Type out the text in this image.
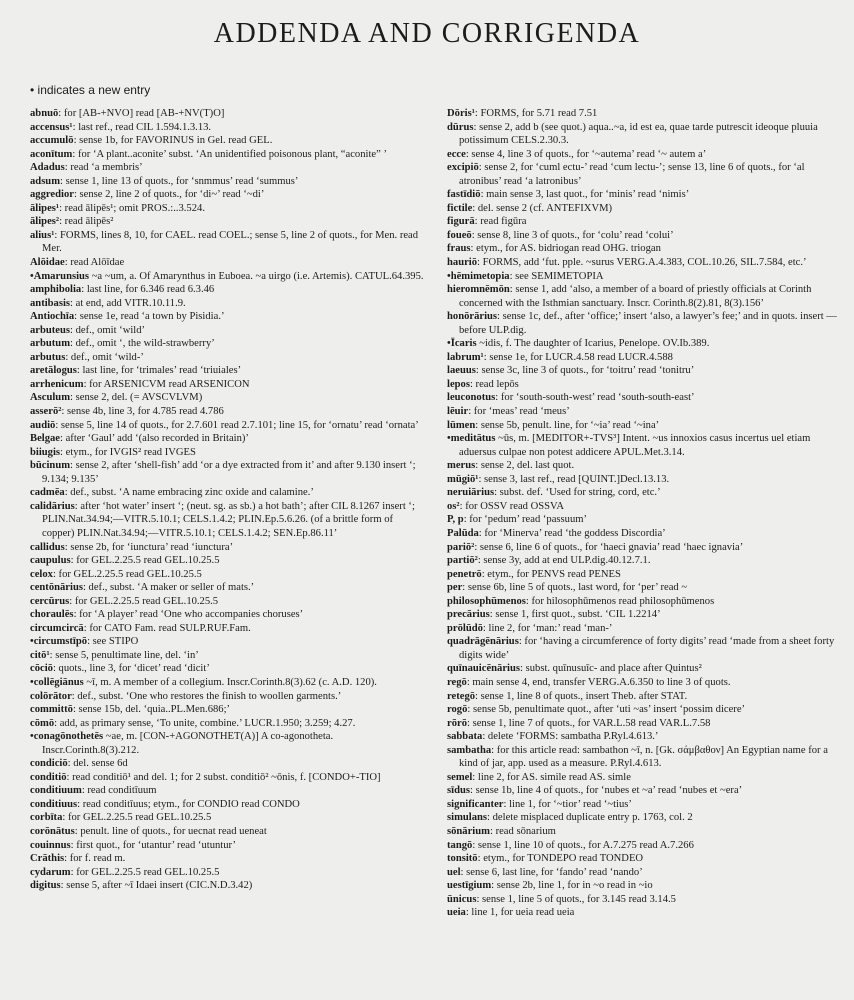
ADDENDA AND CORRIGENDA
• indicates a new entry

abnuō: for [AB-+NVO] read [AB-+NV(T)O]

accensus¹: last ref., read CIL 1.594.1.3.13.

accumulō: sense 1b, for FAVORINUS in Gel. read GEL.

aconītum: for ‘A plant..aconite’ subst. ‘An unidentified poisonous plant, “aconite” ’

Adadus: read ‘a membris’

adsum: sense 1, line 13 of quots., for ‘snmmus’ read ‘summus’

aggredior: sense 2, line 2 of quots., for ‘di~’ read ‘~di’

ālipes¹: read ālipēs¹; omit PROS.:..3.524.

ālipes²: read ālipēs²

alius¹: FORMS, lines 8, 10, for CAEL. read COEL.; sense 5, line 2 of quots., for Men. read Mer.

Alōidae: read Alōīdae

•Amarunsius ~a ~um, a. Of Amarynthus in Euboea. ~a uirgo (i.e. Artemis). CATUL.64.395.

amphibolia: last line, for 6.346 read 6.3.46

antibasis: at end, add VITR.10.11.9.

Antiochīa: sense 1e, read ‘a town by Pisidia.’

arbuteus: def., omit ‘wild’

arbutum: def., omit ‘, the wild-strawberry’

arbutus: def., omit ‘wild-’

aretālogus: last line, for ‘trimales’ read ‘triuiales’

arrhenicum: for ARSENICVM read ARSENICON

Asculum: sense 2, del. (= AVSCVLVM)

asserō²: sense 4b, line 3, for 4.785 read 4.786

audiō: sense 5, line 14 of quots., for 2.7.601 read 2.7.101; line 15, for ‘ornatu’ read ‘ornata’

Belgae: after ‘Gaul’ add ‘(also recorded in Britain)’

biiugis: etym., for IVGIS² read IVGES

būcinum: sense 2, after ‘shell-fish’ add ‘or a dye extracted from it’ and after 9.130 insert ‘; 9.134; 9.135’

cadmēa: def., subst. ‘A name embracing zinc oxide and calamine.’

calidārius: after ‘hot water’ insert ‘; (neut. sg. as sb.) a hot bath’; after CIL 8.1267 insert ‘; PLIN.Nat.34.94;—VITR.5.10.1; CELS.1.4.2; PLIN.Ep.5.6.26. (of a brittle form of copper) PLIN.Nat.34.94;—VITR.5.10.1; CELS.1.4.2; SEN.Ep.86.11’

callidus: sense 2b, for ‘iunctura’ read ‘iunctura’

caupulus: for GEL.2.25.5 read GEL.10.25.5

celox: for GEL.2.25.5 read GEL.10.25.5

centōnārius: def., subst. ‘A maker or seller of mats.’

cercūrus: for GEL.2.25.5 read GEL.10.25.5

choraulēs: for ‘A player’ read ‘One who accompanies choruses’

circumcircā: for CATO Fam. read SULP.RUF.Fam.

•circumstīpō: see STIPO

citō¹: sense 5, penultimate line, del. ‘in’

cōciō: quots., line 3, for ‘dicet’ read ‘dicit’

•collēgiānus ~ī, m. A member of a collegium. Inscr.Corinth.8(3).62 (c. A.D. 120).

colōrātor: def., subst. ‘One who restores the finish to woollen garments.’

committō: sense 15b, del. ‘quia..PL.Men.686;’

cōmō: add, as primary sense, ‘To unite, combine.’ LUCR.1.950; 3.259; 4.27.

•conagōnothetēs ~ae, m. [CON-+AGONOTHET(A)] A co-agonotheta. Inscr.Corinth.8(3).212.

condiciō: del. sense 6d

conditiō: read conditiō¹ and del. 1; for 2 subst. conditiō² ~ōnis, f. [CONDO+-TIO]

conditiuum: read conditīuum

conditiuus: read conditīuus; etym., for CONDIO read CONDO

corbīta: for GEL.2.25.5 read GEL.10.25.5

corōnātus: penult. line of quots., for uecnat read ueneat

couinnus: first quot., for ‘utantur’ read ‘utuntur’

Crāthis: for f. read m.

cydarum: for GEL.2.25.5 read GEL.10.25.5

digitus: sense 5, after ~ī Idaei insert (CIC.N.D.3.42)

Dōris¹: FORMS, for 5.71 read 7.51

dūrus: sense 2, add b (see quot.) aqua..~a, id est ea, quae tarde putrescit ideoque pluuia potissimum CELS.2.30.3.

ecce: sense 4, line 3 of quots., for ‘~autema’ read ‘~ autem a’

excipiō: sense 2, for ‘cuml ectu-’ read ‘cum lectu-’; sense 13, line 6 of quots., for ‘al atronibus’ read ‘a latronibus’

fastīdiō: main sense 3, last quot., for ‘minis’ read ‘nimis’

fictile: del. sense 2 (cf. ANTEFIXVM)

figurā: read figūra

foueō: sense 8, line 3 of quots., for ‘colu’ read ‘colui’

fraus: etym., for AS. bidriogan read OHG. triogan

hauriō: FORMS, add ‘fut. pple. ~surus VERG.A.4.383, COL.10.26, SIL.7.584, etc.’

•hēmimetopia: see SEMIMETOPIA

hieromnēmōn: sense 1, add ‘also, a member of a board of priestly officials at Corinth concerned with the Isthmian sanctuary. Inscr. Corinth.8(2).81, 8(3).156’

honōrārius: sense 1c, def., after ‘office;’ insert ‘also, a lawyer’s fee;’ and in quots. insert — before ULP.dig.

•Īcaris ~idis, f. The daughter of Icarius, Penelope. OV.Ib.389.

labrum¹: sense 1e, for LUCR.4.58 read LUCR.4.588

laeuus: sense 3c, line 3 of quots., for ‘toitru’ read ‘tonitru’

lepos: read lepōs

leuconotus: for ‘south-south-west’ read ‘south-south-east’

lēuir: for ‘meas’ read ‘meus’

lūmen: sense 5b, penult. line, for ‘~ia’ read ‘~ina’

•meditātus ~ūs, m. [MEDITOR+-TVS³] Intent. ~us innoxios casus incertus uel etiam aduersus culpae non potest addicere APUL.Met.3.14.

merus: sense 2, del. last quot.

mūgiō¹: sense 3, last ref., read [QUINT.]Decl.13.13.

neruiārius: subst. def. ‘Used for string, cord, etc.’

os²: for OSSV read OSSVA

P, p: for ‘pedum’ read ‘passuum’

Palūda: for ‘Minerva’ read ‘the goddess Discordia’

pariō²: sense 6, line 6 of quots., for ‘haeci gnavia’ read ‘haec ignavia’

partiō²: sense 3y, add at end ULP.dig.40.12.7.1.

penetrō: etym., for PENVS read PENES

per: sense 6b, line 5 of quots., last word, for ‘per’ read ~

philosophūmenos: for hilosophūmenos read philosophūmenos

precārius: sense 1, first quot., subst. ‘CIL 1.2214’

prōlūdō: line 2, for ‘man:’ read ‘man-’

quadrāgēnārius: for ‘having a circumference of forty digits’ read ‘made from a sheet forty digits wide’

quīnauicēnārius: subst. quīnusuīc- and place after Quintus²

regō: main sense 4, end, transfer VERG.A.6.350 to line 3 of quots.

retegō: sense 1, line 8 of quots., insert Theb. after STAT.

rogō: sense 5b, penultimate quot., after ‘uti ~as’ insert ‘possim dicere’

rōrō: sense 1, line 7 of quots., for VAR.L.58 read VAR.L.7.58

sabbata: delete ‘FORMS: sambatha P.Ryl.4.613.’

sambatha: for this article read: sambathon ~ī, n. [Gk. σάμβαθον] An Egyptian name for a kind of jar, app. used as a measure. P.Ryl.4.613.

semel: line 2, for AS. simile read AS. simle

sīdus: sense 1b, line 4 of quots., for ‘nubes et ~a’ read ‘nubes et ~era’

significanter: line 1, for ‘~tior’ read ‘~tius’

simulans: delete misplaced duplicate entry p. 1763, col. 2

sōnārium: read sōnarium

tangō: sense 1, line 10 of quots., for A.7.275 read A.7.266

tonsitō: etym., for TONDEPO read TONDEO

uel: sense 6, last line, for ‘fando’ read ‘nando’

uestīgium: sense 2b, line 1, for in ~o read in ~io

ūnicus: sense 1, line 5 of quots., for 3.145 read 3.14.5

ueia: line 1, for ueia read ueia
